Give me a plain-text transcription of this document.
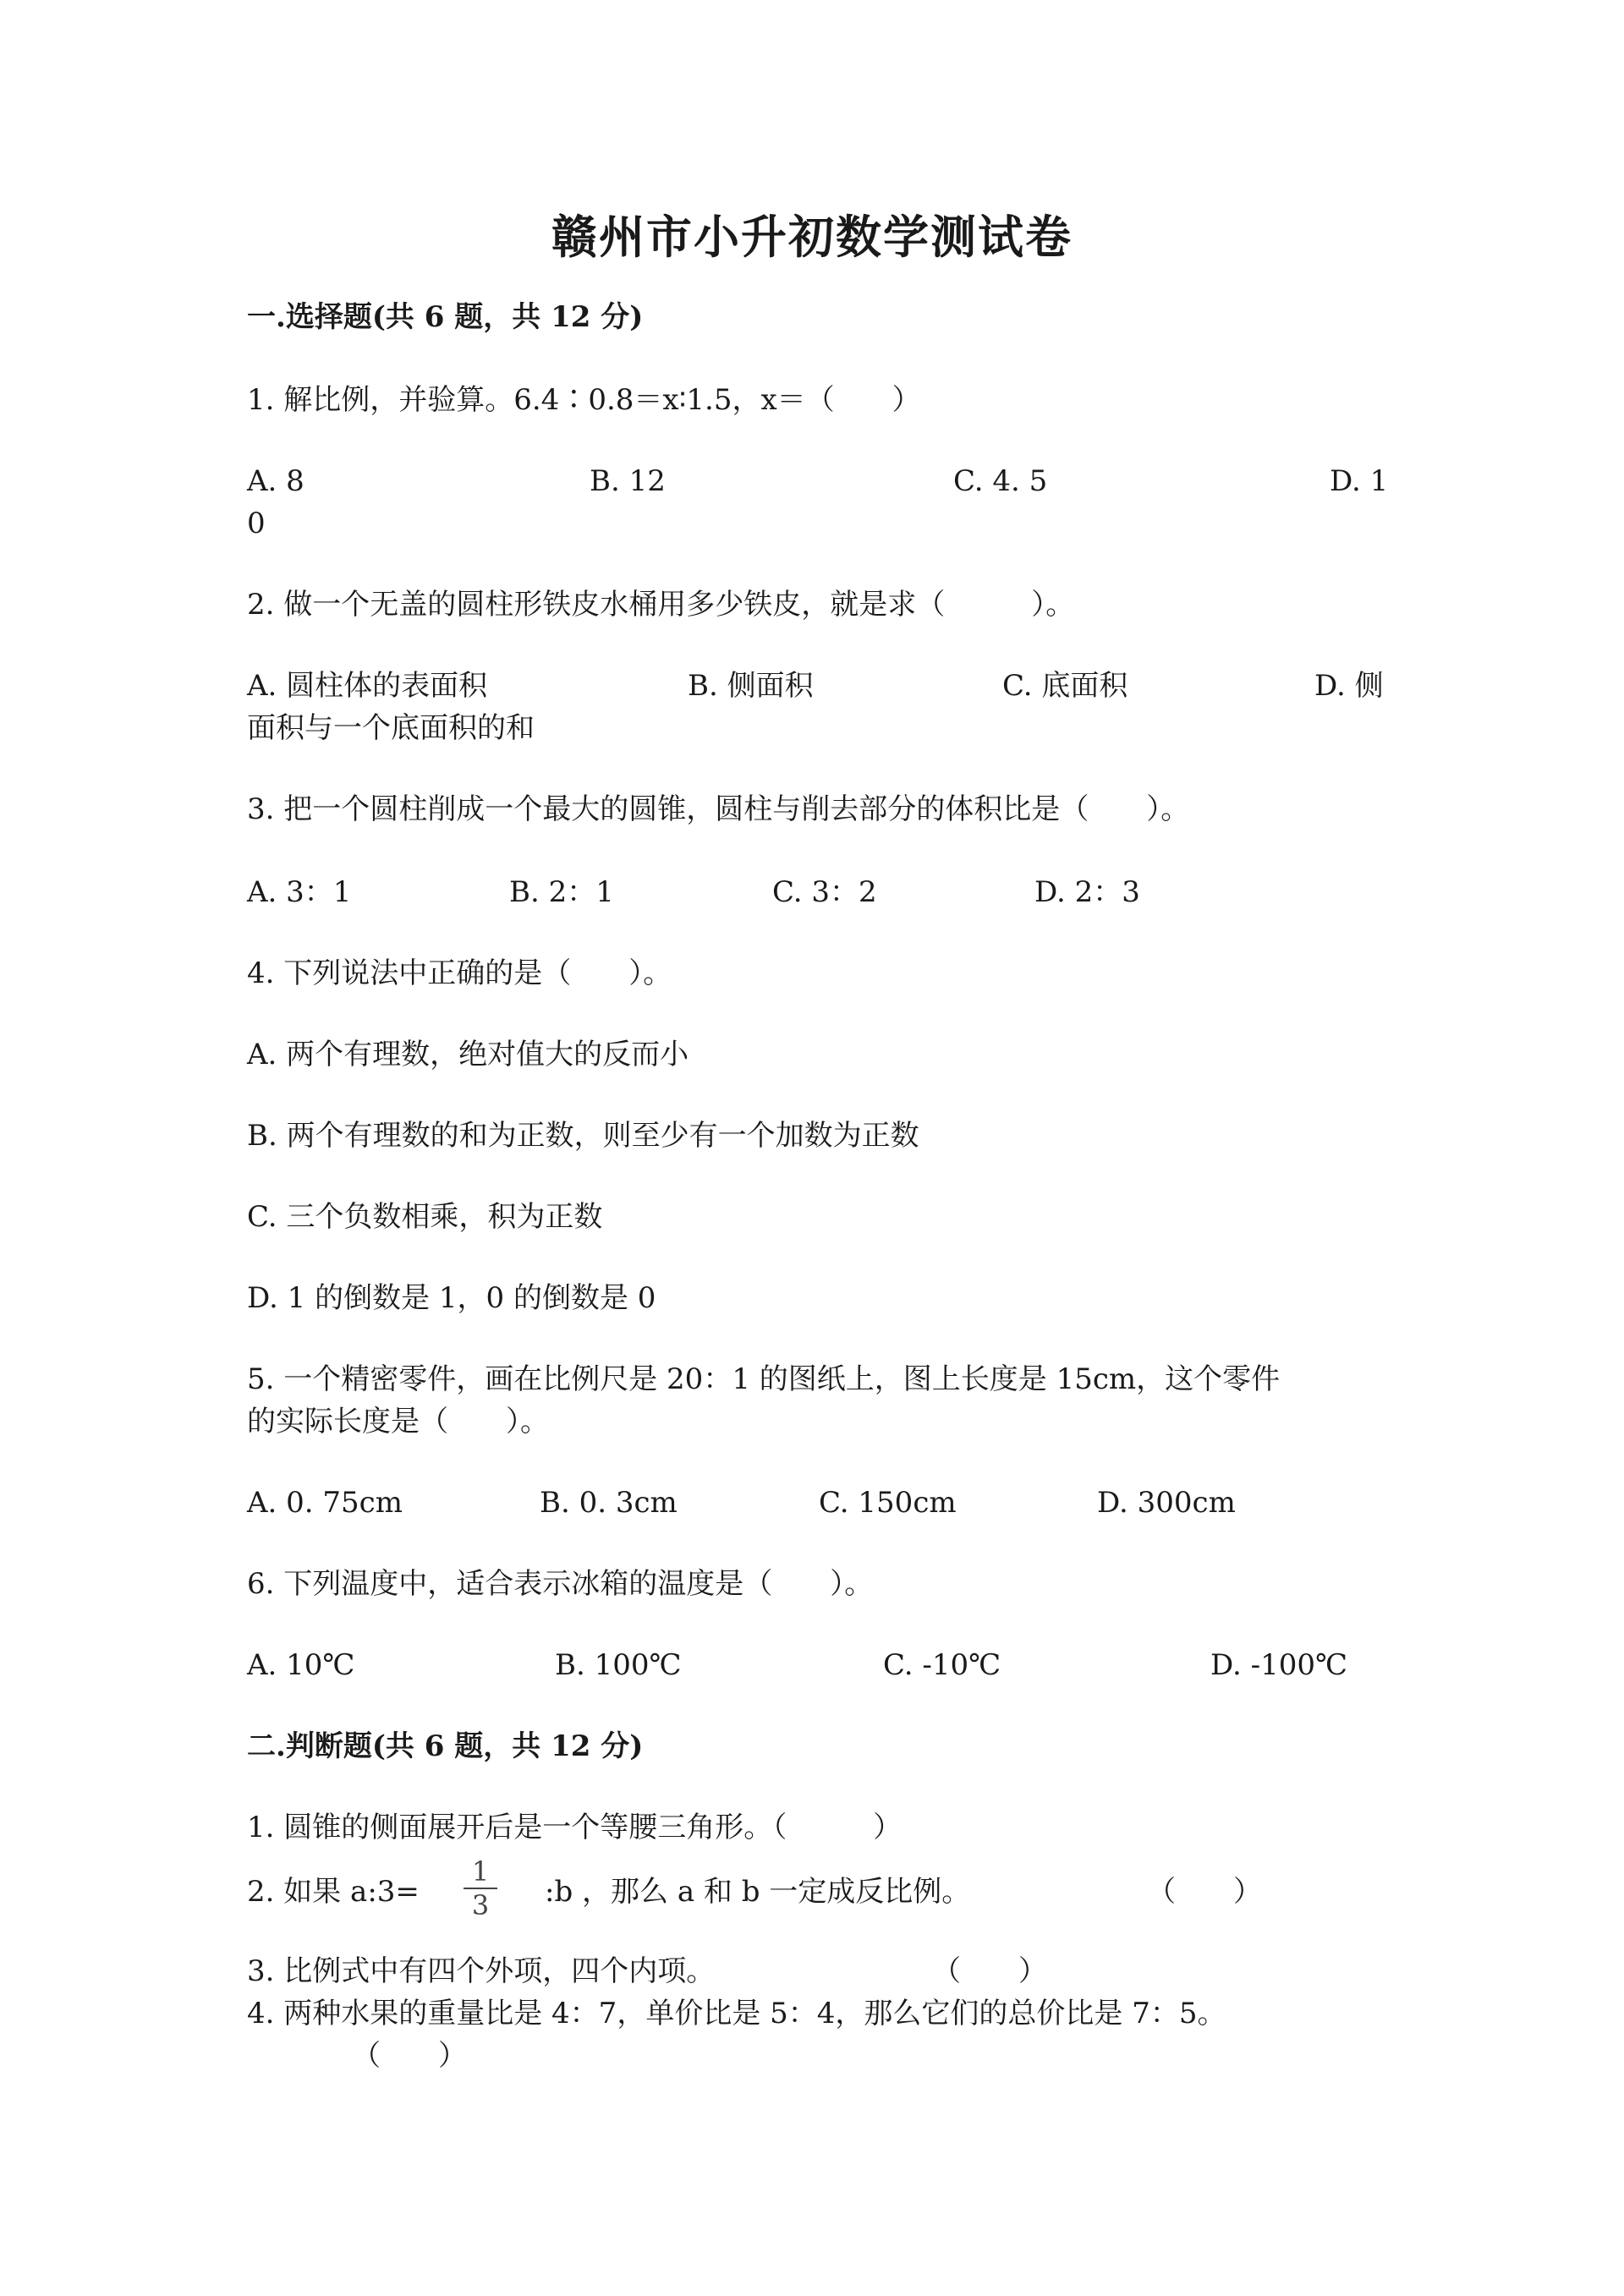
赣州市小升初数学测试卷
一.选择题(共 6 题，共 12 分)
1. 解比例，并验算。6.4∶0.8＝x∶1.5，x＝（　　）
A. 8	B. 12	C. 4. 5	D. 1
0
2. 做一个无盖的圆柱形铁皮水桶用多少铁皮，就是求（　　　）。
A. 圆柱体的表面积	B. 侧面积	C. 底面积	D. 侧
面积与一个底面积的和
3. 把一个圆柱削成一个最大的圆锥，圆柱与削去部分的体积比是（　　）。
A. 3：1	B. 2：1	C. 3：2	D. 2：3
4. 下列说法中正确的是（　　）。
A. 两个有理数，绝对值大的反而小
B. 两个有理数的和为正数，则至少有一个加数为正数
C. 三个负数相乘，积为正数
D. 1 的倒数是 1，0 的倒数是 0
5. 一个精密零件，画在比例尺是 20：1 的图纸上，图上长度是 15cm，这个零件
的实际长度是（　　）。
A. 0. 75cm	B. 0. 3cm	C. 150cm	D. 300cm
6. 下列温度中，适合表示冰箱的温度是（　　）。
A. 10℃	B. 100℃	C. -10℃	D. -100℃
二.判断题(共 6 题，共 12 分)
1. 圆锥的侧面展开后是一个等腰三角形。（　　　）
2. 如果 a:3= $\frac{1}{3}$ :b ，那么 a 和 b 一定成反比例。	（　　）
3. 比例式中有四个外项，四个内项。	（　　）
4. 两种水果的重量比是 4：7，单价比是 5：4，那么它们的总价比是 7：5。
（　　）
